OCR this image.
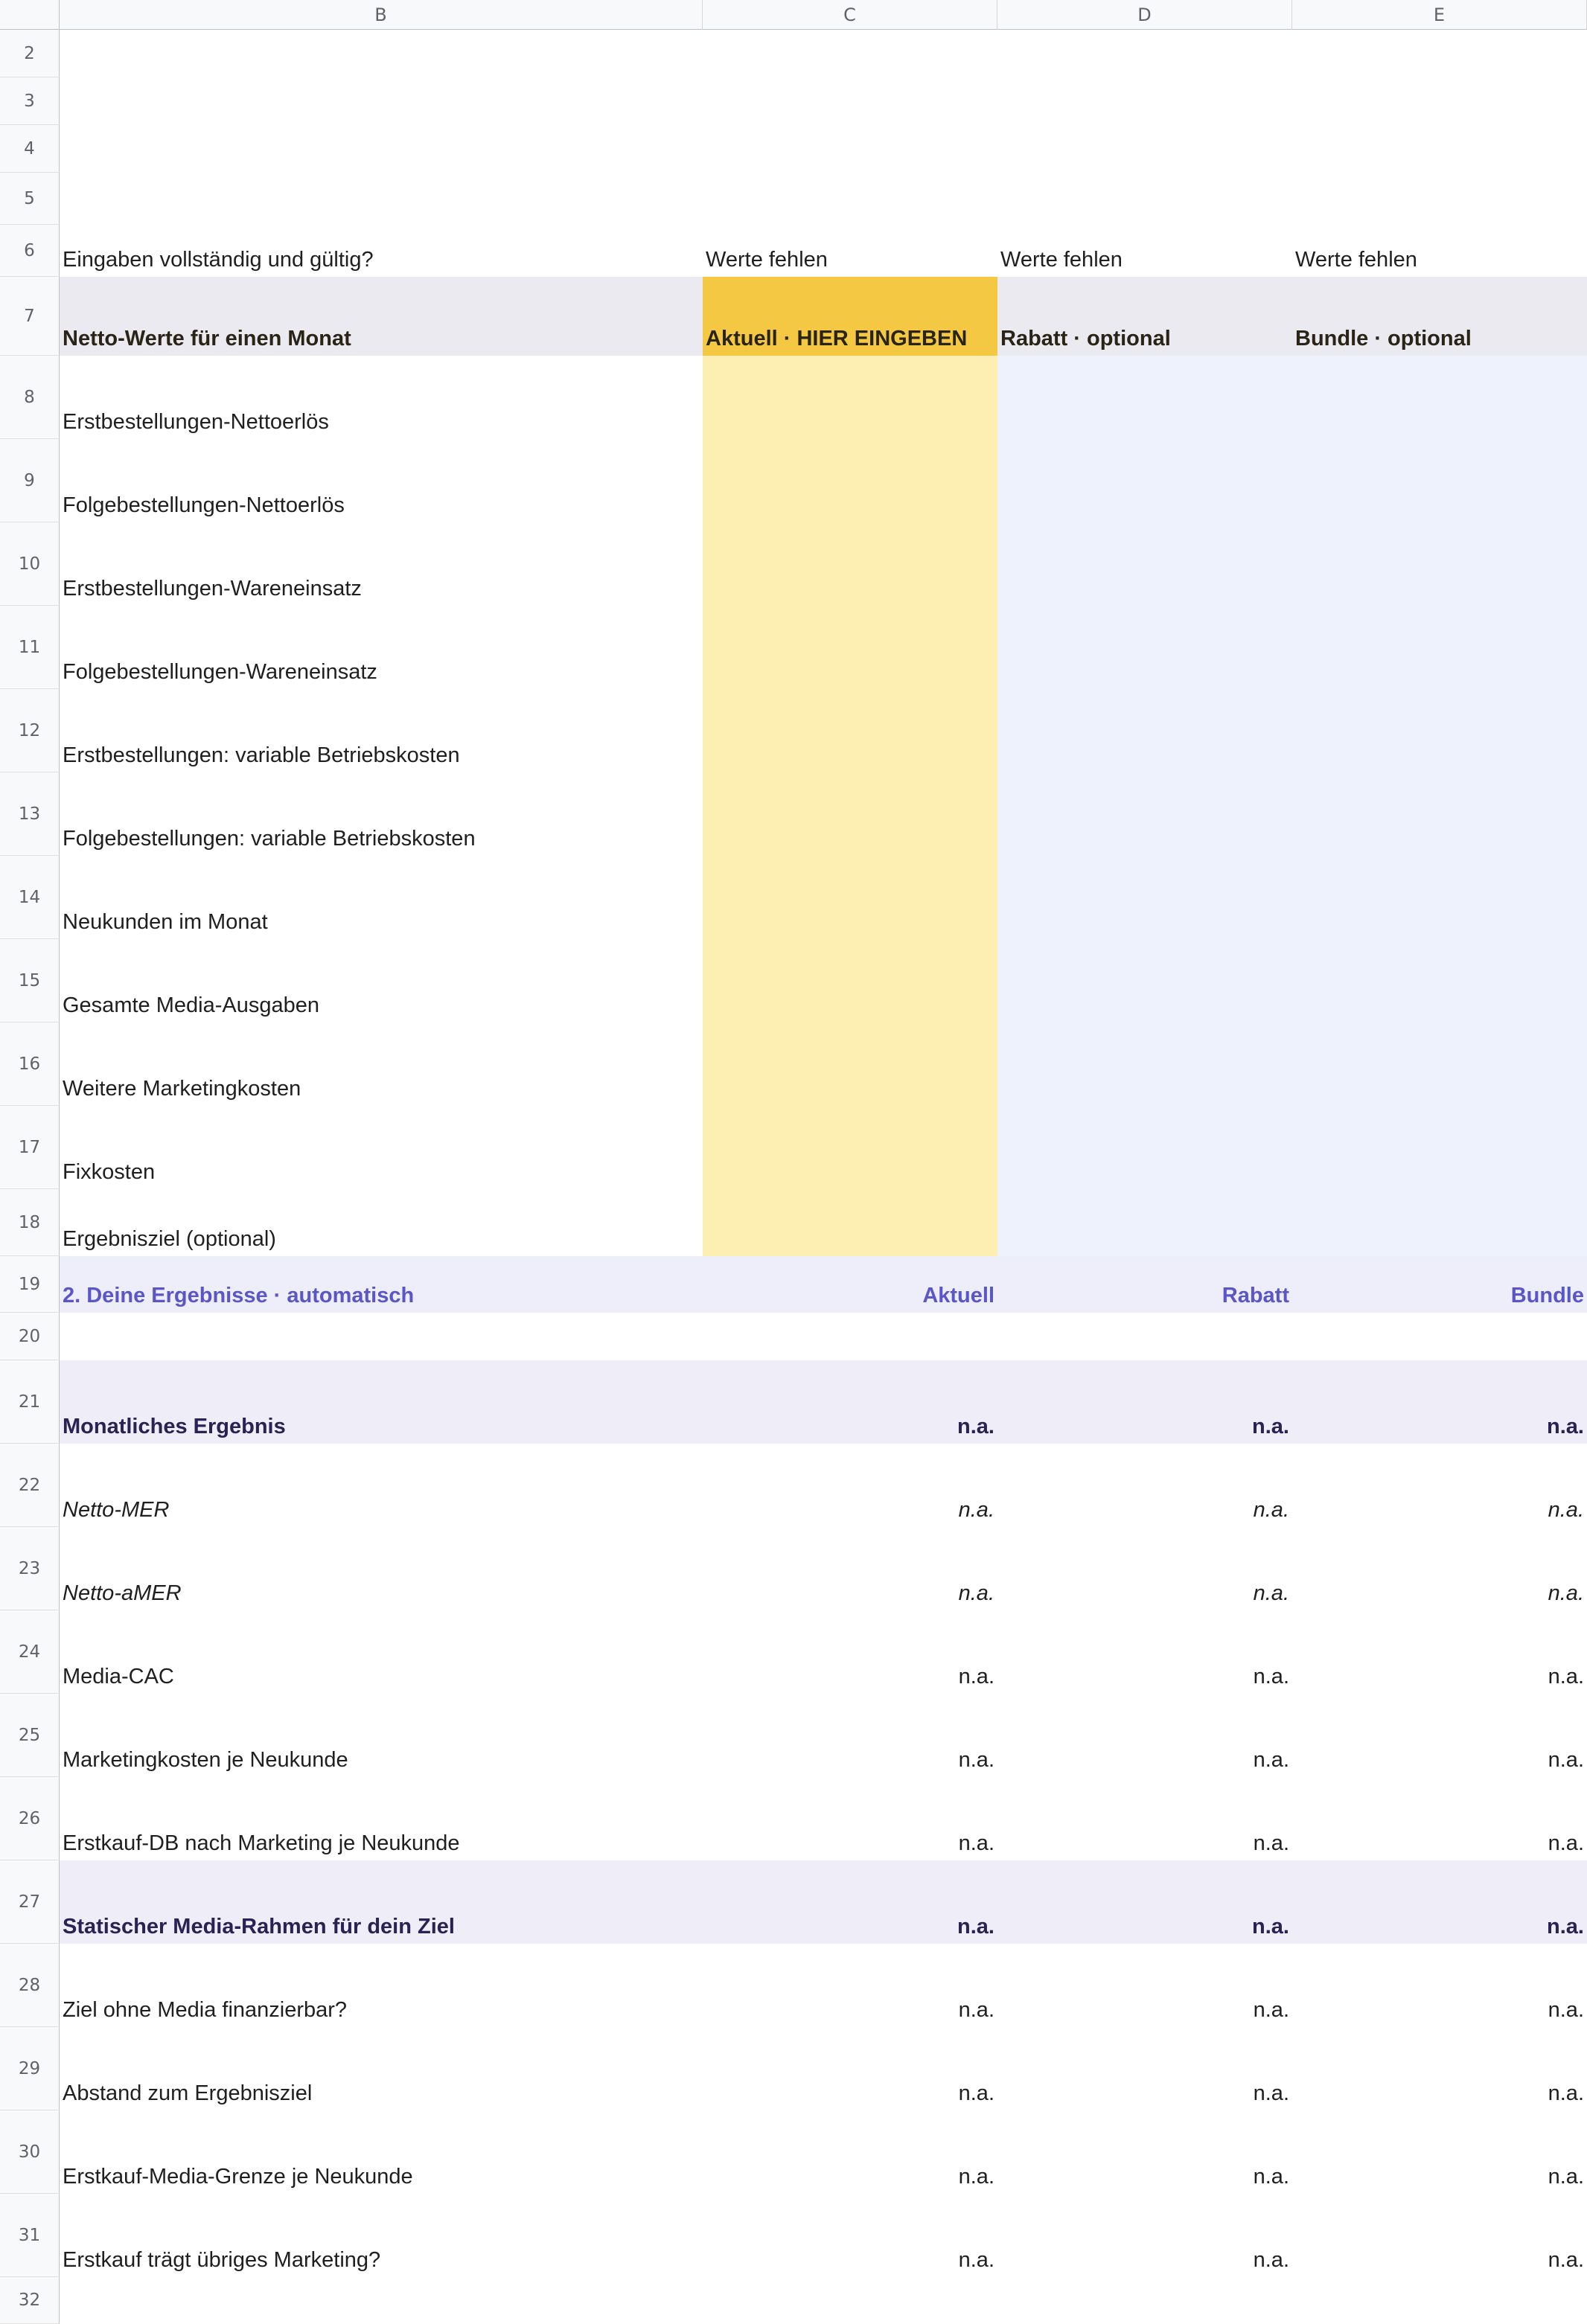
B	C	D	E
2
3
4
5
6	Eingaben vollständig und gültig?	Werte fehlen	Werte fehlen	Werte fehlen
7
Netto-Werte für einen Monat	Aktuell · HIER EINGEBEN	Rabatt · optional	Bundle · optional
8
Erstbestellungen-Nettoerlös
9
Folgebestellungen-Nettoerlös
10
Erstbestellungen-Wareneinsatz
11
Folgebestellungen-Wareneinsatz
12
Erstbestellungen: variable Betriebskosten
13
Folgebestellungen: variable Betriebskosten
14
Neukunden im Monat
15
Gesamte Media-Ausgaben
16
Weitere Marketingkosten
17
Fixkosten
18
Ergebnisziel (optional)
19	2. Deine Ergebnisse · automatisch	Aktuell	Rabatt	Bundle
20
21
Monatliches Ergebnis	n.a.	n.a.	n.a.
22
Netto-MER	n.a.	n.a.	n.a.
23
Netto-aMER	n.a.	n.a.	n.a.
24
Media-CAC	n.a.	n.a.	n.a.
25
Marketingkosten je Neukunde	n.a.	n.a.	n.a.
26
Erstkauf-DB nach Marketing je Neukunde	n.a.	n.a.	n.a.
27
Statischer Media-Rahmen für dein Ziel	n.a.	n.a.	n.a.
28
Ziel ohne Media finanzierbar?	n.a.	n.a.	n.a.
29
Abstand zum Ergebnisziel	n.a.	n.a.	n.a.
30
Erstkauf-Media-Grenze je Neukunde	n.a.	n.a.	n.a.
31
Erstkauf trägt übriges Marketing?	n.a.	n.a.	n.a.
32
